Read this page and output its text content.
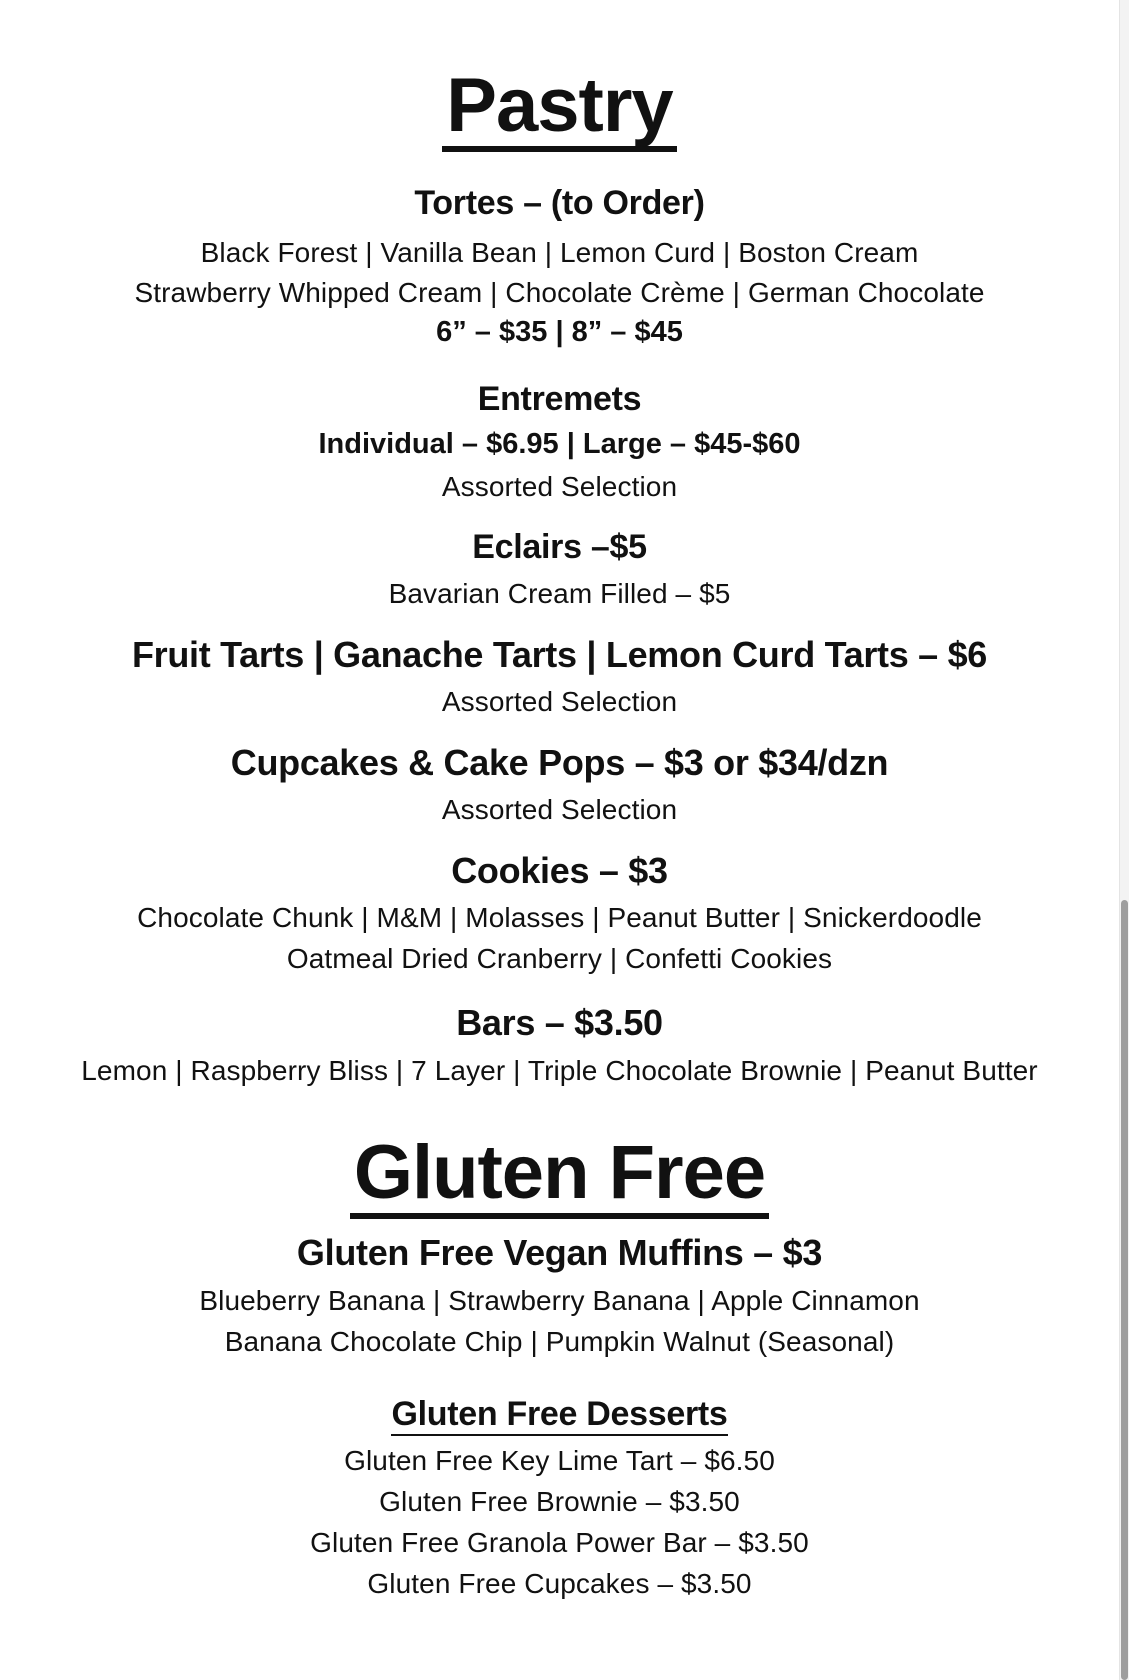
Pastry
Tortes – (to Order)
Black Forest | Vanilla Bean | Lemon Curd | Boston Cream
Strawberry Whipped Cream | Chocolate Crème | German Chocolate
6” – $35 | 8” – $45
Entremets
Individual – $6.95 | Large – $45-$60
Assorted Selection
Eclairs –$5
Bavarian Cream Filled – $5
Fruit Tarts | Ganache Tarts | Lemon Curd Tarts – $6
Assorted Selection
Cupcakes & Cake Pops – $3 or $34/dzn
Assorted Selection
Cookies – $3
Chocolate Chunk | M&M | Molasses | Peanut Butter | Snickerdoodle
Oatmeal Dried Cranberry | Confetti Cookies
Bars – $3.50
Lemon | Raspberry Bliss | 7 Layer | Triple Chocolate Brownie | Peanut Butter
Gluten Free
Gluten Free Vegan Muffins – $3
Blueberry Banana | Strawberry Banana | Apple Cinnamon
Banana Chocolate Chip | Pumpkin Walnut (Seasonal)
Gluten Free Desserts
Gluten Free Key Lime Tart – $6.50
Gluten Free Brownie – $3.50
Gluten Free Granola Power Bar – $3.50
Gluten Free Cupcakes – $3.50
